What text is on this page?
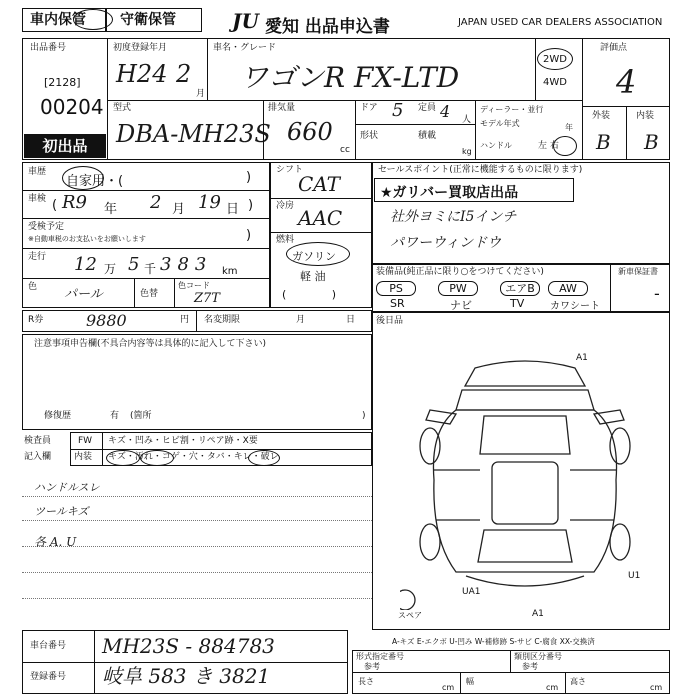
車内保管 守衛保管	JU 愛知 出品申込書	JAPAN USED CAR DEALERS ASSOCIATION
出品番号
[2128]
00204
初出品
初度登録年月
H24 2
月
車名・グレード
ワゴンR FX-LTD
2WD
4WD
評価点
4
外装	内装
B B
型式
DBA-MH23S
排気量
660
cc
ドア 5 定員 4 人
形状	積載
kg
ディーラー・並行
モデル年式	年
ハンドル	左 右
車歴
自家用・(	)
車検 ( R9 年 2 月 19 日 )
受検予定
※自動車税のお支払いをお願いします	)
走行 12 万 5 千 383 km
色 パール	色替
色コード
Z7T
シフト
CAT
冷房 AAC
燃料
ガソリン
軽 油
(             )
R券	9880	円 名変期限	月	日
注意事項申告欄(不具合内容等は具体的に記入して下さい)
修復歴	有 (箇所	)
検査員
記入欄
FW キズ・凹み・ヒビ割・リペア跡・X要
内装 キズ・汚れ・コゲ・穴・タバ・キレ・破レ
ハンドルスレ
ツールキズ
各 A. U
セールスポイント(正常に機能するものに限ります)
★ガリバー買取店出品
社外ヨミにI5インチ
パワーウィンドウ
装備品(純正品に限り○をつけてください)	新車保証書
-
PS	PW	エアB	AW
SR	ナビ	TV	カワシート
後日品
A1
UA1
U1
A1
スペア
A-キズ E-エクボ U-凹み W-補修跡 S-サビ C-腐食 XX-交換済
車台番号 MH23S - 884783
登録番号 岐阜 583 き 3821
形式指定番号
参考
類別区分番号
参考
長さ
cm
幅
cm
高さ
cm
